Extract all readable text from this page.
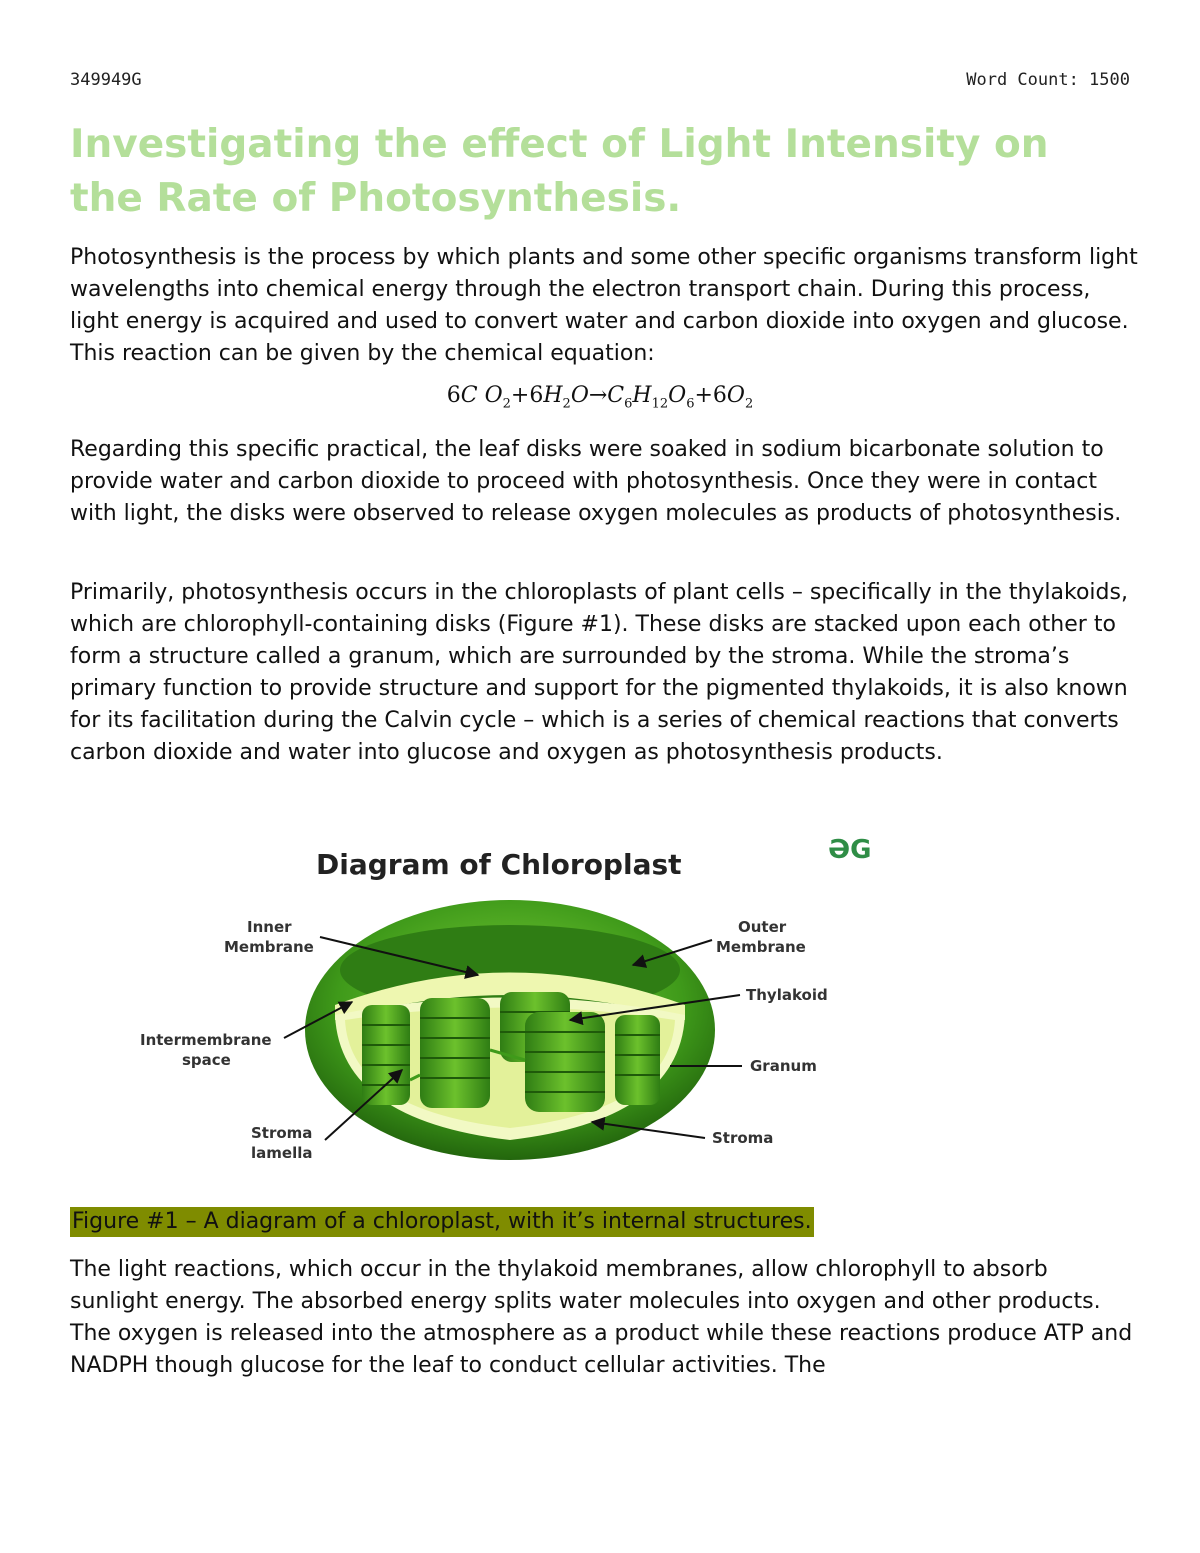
349949G	Word Count: 1500
Investigating the effect of Light Intensity on the Rate of Photosynthesis.

Photosynthesis is the process by which plants and some other specific organisms transform light wavelengths into chemical energy through the electron transport chain. During this process, light energy is acquired and used to convert water and carbon dioxide into oxygen and glucose. This reaction can be given by the chemical equation:

6C $O_2+6H_2O\to C_6H_{12}O_6+6O_2$

Regarding this specific practical, the leaf disks were soaked in sodium bicarbonate solution to provide water and carbon dioxide to proceed with photosynthesis. Once they were in contact with light, the disks were observed to release oxygen molecules as products of photosynthesis.

Primarily, photosynthesis occurs in the chloroplasts of plant cells – specifically in the thylakoids, which are chlorophyll-containing disks (Figure #1). These disks are stacked upon each other to form a structure called a granum, which are surrounded by the stroma. While the stroma’s primary function to provide structure and support for the pigmented thylakoids, it is also known for its facilitation during the Calvin cycle – which is a series of chemical reactions that converts carbon dioxide and water into glucose and oxygen as photosynthesis products.

Diagram of Chloroplast	ƏG
Inner
Membrane
Outer
Membrane
Thylakoid
Intermembrane
space	Granum
Stroma
lamella
Stroma
Figure #1 – A diagram of a chloroplast, with it’s internal structures.

The light reactions, which occur in the thylakoid membranes, allow chlorophyll to absorb sunlight energy. The absorbed energy splits water molecules into oxygen and other products. The oxygen is released into the atmosphere as a product while these reactions produce ATP and NADPH though glucose for the leaf to conduct cellular activities. The
